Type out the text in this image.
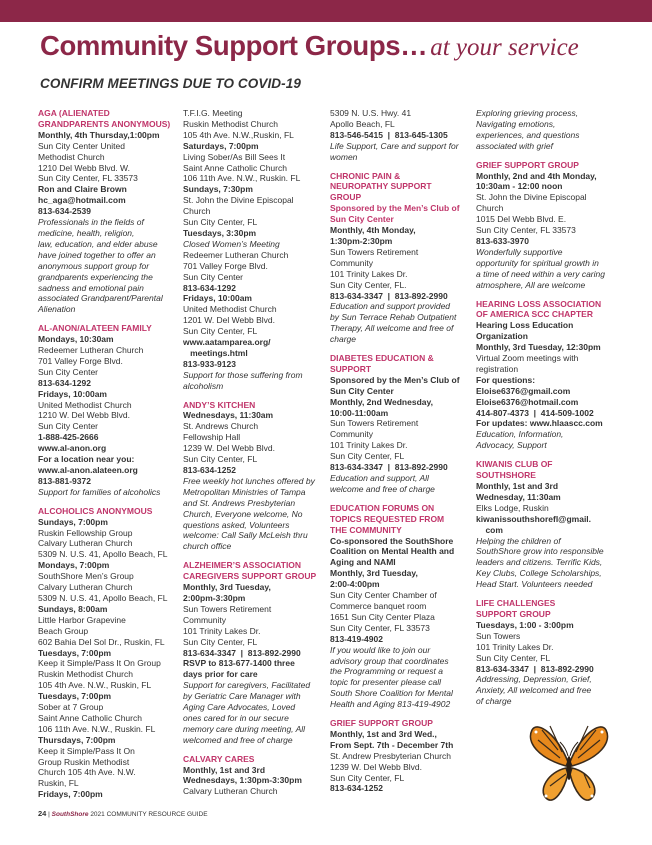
Community Support Groups… at your service
CONFIRM MEETINGS DUE TO COVID-19
AGA (ALIENATED
GRANDPARENTS ANONYMOUS)
Monthly, 4th Thursday,1:00pm
Sun City Center United
Methodist Church
1210 Del Webb Blvd. W.
Sun City Center, FL 33573
Ron and Claire Brown
hc_aga@hotmail.com
813-634-2539
Professionals in the fields of
medicine, health, religion,
law, education, and elder abuse
have joined together to offer an
anonymous support group for
grandparents experiencing the
sadness and emotional pain
associated Grandparent/Parental
Alienation
AL-ANON/ALATEEN FAMILY
Mondays, 10:30am
Redeemer Lutheran Church
701 Valley Forge Blvd.
Sun City Center
813-634-1292
Fridays, 10:00am
United Methodist Church
1210 W. Del Webb Blvd.
Sun City Center
1-888-425-2666
www.al-anon.org
For a location near you:
www.al-anon.alateen.org
813-881-9372
Support for families of alcoholics
ALCOHOLICS ANONYMOUS
Sundays, 7:00pm
Ruskin Fellowship Group
Calvary Lutheran Church
5309 N. U.S. 41, Apollo Beach, FL
Mondays, 7:00pm
SouthShore Men’s Group
Calvary Lutheran Church
5309 N. U.S. 41, Apollo Beach, FL
Sundays, 8:00am
Little Harbor Grapevine
Beach Group
602 Bahia Del Sol Dr., Ruskin, FL
Tuesdays, 7:00pm
Keep it Simple/Pass It On Group
Ruskin Methodist Church
105 4th Ave. N.W., Ruskin, FL
Tuesdays, 7:00pm
Sober at 7 Group
Saint Anne Catholic Church
106 11th Ave. N.W., Ruskin. FL
Thursdays, 7:00pm
Keep it Simple/Pass It On
Group Ruskin Methodist
Church 105 4th Ave. N.W.
Ruskin, FL
Fridays, 7:00pm
T.F.I.G. Meeting
Ruskin Methodist Church
105 4th Ave. N.W.,Ruskin, FL
Saturdays, 7:00pm
Living Sober/As Bill Sees It
Saint Anne Catholic Church
106 11th Ave. N.W., Ruskin. FL
Sundays, 7:30pm
St. John the Divine Episcopal
Church
Sun City Center, FL
Tuesdays, 3:30pm
Closed Women’s Meeting
Redeemer Lutheran Church
701 Valley Forge Blvd.
Sun City Center
813-634-1292
Fridays, 10:00am
United Methodist Church
1201 W. Del Webb Blvd.
Sun City Center, FL
www.aatamparea.org/
meetings.html
813-933-9123
Support for those suffering from
alcoholism
ANDY’S KITCHEN
Wednesdays, 11:30am
St. Andrews Church
Fellowship Hall
1239 W. Del Webb Blvd.
Sun City Center, FL
813-634-1252
Free weekly hot lunches offered by
Metropolitan Ministries of Tampa
and St. Andrews Presbyterian
Church, Everyone welcome, No
questions asked, Volunteers
welcome: Call Sally McLeish thru
church office
ALZHEIMER’S ASSOCIATION
CAREGIVERS SUPPORT GROUP
Monthly, 3rd Tuesday,
2:00pm-3:30pm
Sun Towers Retirement
Community
101 Trinity Lakes Dr.
Sun City Center, FL
813-634-3347  |  813-892-2990
RSVP to 813-677-1400 three
days prior for care
Support for caregivers, Facilitated
by Geriatric Care Manager with
Aging Care Advocates, Loved
ones cared for in our secure
memory care during meeting, All
welcomed and free of charge
CALVARY CARES
Monthly, 1st and 3rd
Wednesdays, 1:30pm-3:30pm
Calvary Lutheran Church
5309 N. U.S. Hwy. 41
Apollo Beach, FL
813-546-5415  |  813-645-1305
Life Support, Care and support for
women
CHRONIC PAIN &
NEUROPATHY SUPPORT
GROUP
Sponsored by the Men’s Club of
Sun City Center
Monthly, 4th Monday,
1:30pm-2:30pm
Sun Towers Retirement
Community
101 Trinity Lakes Dr.
Sun City Center, FL.
813-634-3347  |  813-892-2990
Education and support provided
by Sun Terrace Rehab Outpatient
Therapy, All welcome and free of
charge
DIABETES EDUCATION &
SUPPORT
Sponsored by the Men’s Club of
Sun City Center
Monthly, 2nd Wednesday,
10:00-11:00am
Sun Towers Retirement
Community
101 Trinity Lakes Dr.
Sun City Center, FL
813-634-3347  |  813-892-2990
Education and support, All
welcome and free of charge
EDUCATION FORUMS ON
TOPICS REQUESTED FROM
THE COMMUNITY
Co-sponsored the SouthShore
Coalition on Mental Health and
Aging and NAMI
Monthly, 3rd Tuesday,
2:00-4:00pm
Sun City Center Chamber of
Commerce banquet room
1651 Sun City Center Plaza
Sun City Center, FL 33573
813-419-4902
If you would like to join our
advisory group that coordinates
the Programming or request a
topic for presenter please call
South Shore Coalition for Mental
Health and Aging 813-419-4902
GRIEF SUPPORT GROUP
Monthly, 1st and 3rd Wed.,
From Sept. 7th - December 7th
St. Andrew Presbyterian Church
1239 W. Del Webb Blvd.
Sun City Center, FL
813-634-1252
Exploring grieving process,
Navigating emotions,
experiences, and questions
associated with grief
GRIEF SUPPORT GROUP
Monthly, 2nd and 4th Monday,
10:30am - 12:00 noon
St. John the Divine Episcopal
Church
1015 Del Webb Blvd. E.
Sun City Center, FL 33573
813-633-3970
Wonderfully supportive
opportunity for spiritual growth in
a time of need within a very caring
atmosphere, All are welcome
HEARING LOSS ASSOCIATION
OF AMERICA SCC CHAPTER
Hearing Loss Education
Organization
Monthly, 3rd Tuesday, 12:30pm
Virtual Zoom meetings with
registration
For questions:
Eloise6376@gmail.com
Eloise6376@hotmail.com
414-807-4373  |  414-509-1002
For updates: www.hlaascc.com
Education, Information,
Advocacy, Support
KIWANIS CLUB OF
SOUTHSHORE
Monthly, 1st and 3rd
Wednesday, 11:30am
Elks Lodge, Ruskin
kiwanissouthshorefl@gmail.
com
Helping the children of
SouthShore grow into responsible
leaders and citizens. Terrific Kids,
Key Clubs, College Scholarships,
Head Start. Volunteers needed
LIFE CHALLENGES
SUPPORT GROUP
Tuesdays, 1:00 - 3:00pm
Sun Towers
101 Trinity Lakes Dr.
Sun City Center, FL
813-634-3347  |  813-892-2990
Addressing, Depression, Grief,
Anxiety, All welcomed and free
of charge
24 | SouthShore 2021 COMMUNITY RESOURCE GUIDE
